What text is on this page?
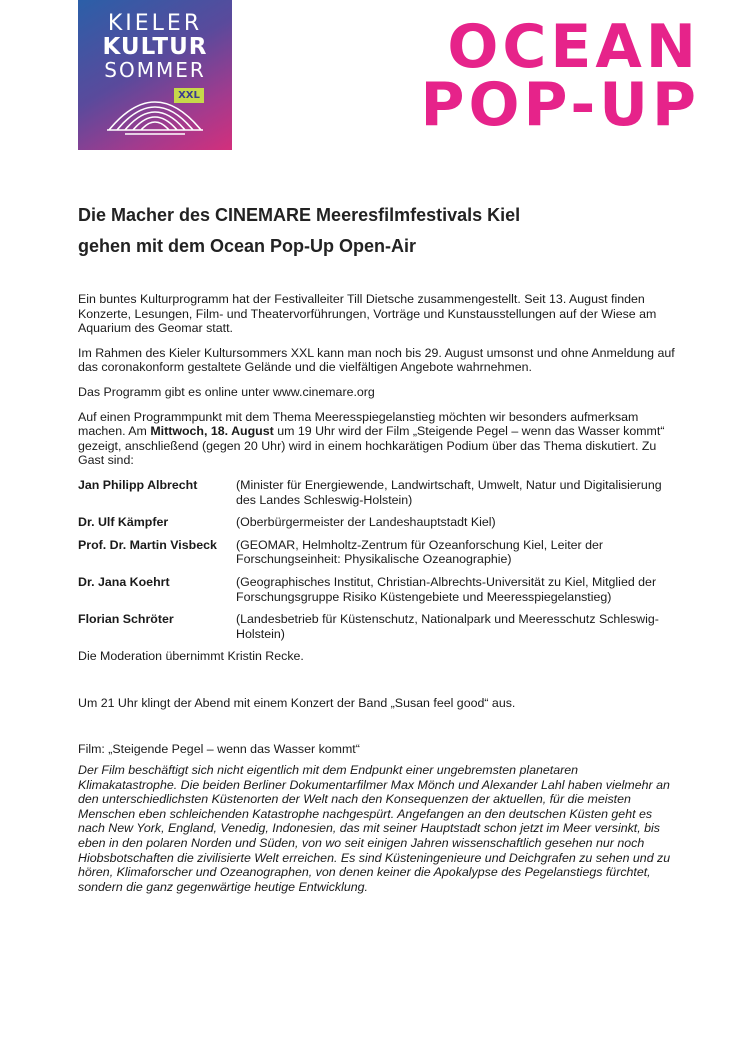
KIELER
KULTUR
SOMMER
XXL
OCEAN
POP-UP
Die Macher des CINEMARE Meeresfilmfestivals Kiel
gehen mit dem Ocean Pop-Up Open-Air

Ein buntes Kulturprogramm hat der Festivalleiter Till Dietsche zusammengestellt. Seit 13. August finden Konzerte, Lesungen, Film- und Theatervorführungen, Vorträge und Kunstausstellungen auf der Wiese am Aquarium des Geomar statt.

Im Rahmen des Kieler Kultursommers XXL kann man noch bis 29. August umsonst und ohne Anmeldung auf das coronakonform gestaltete Gelände und die vielfältigen Angebote wahrnehmen.

Das Programm gibt es online unter www.cinemare.org

Auf einen Programmpunkt mit dem Thema Meeresspiegelanstieg möchten wir besonders aufmerksam machen. Am Mittwoch, 18. August um 19 Uhr wird der Film „Steigende Pegel – wenn das Wasser kommt“ gezeigt, anschließend (gegen 20 Uhr) wird in einem hochkarätigen Podium über das Thema diskutiert. Zu Gast sind:

Jan Philipp Albrecht	(Minister für Energiewende, Landwirtschaft, Umwelt, Natur und Digitalisierung des Landes Schleswig-Holstein)
Dr. Ulf Kämpfer	(Oberbürgermeister der Landeshauptstadt Kiel)
Prof. Dr. Martin Visbeck	(GEOMAR, Helmholtz-Zentrum für Ozeanforschung Kiel, Leiter der Forschungseinheit: Physikalische Ozeanographie)
Dr. Jana Koehrt	(Geographisches Institut, Christian-Albrechts-Universität zu Kiel, Mitglied der Forschungsgruppe Risiko Küstengebiete und Meeresspiegelanstieg)
Florian Schröter	(Landesbetrieb für Küstenschutz, Nationalpark und Meeresschutz Schleswig-Holstein)

Die Moderation übernimmt Kristin Recke.

Um 21 Uhr klingt der Abend mit einem Konzert der Band „Susan feel good“ aus.

Film: „Steigende Pegel – wenn das Wasser kommt“

Der Film beschäftigt sich nicht eigentlich mit dem Endpunkt einer ungebremsten planetaren Klimakatastrophe. Die beiden Berliner Dokumentarfilmer Max Mönch und Alexander Lahl haben vielmehr an den unterschiedlichsten Küstenorten der Welt nach den Konsequenzen der aktuellen, für die meisten Menschen eben schleichenden Katastrophe nachgespürt. Angefangen an den deutschen Küsten geht es nach New York, England, Venedig, Indonesien, das mit seiner Hauptstadt schon jetzt im Meer versinkt, bis eben in den polaren Norden und Süden, von wo seit einigen Jahren wissenschaftlich gesehen nur noch Hiobsbotschaften die zivilisierte Welt erreichen. Es sind Küsteningenieure und Deichgrafen zu sehen und zu hören, Klimaforscher und Ozeanographen, von denen keiner die Apokalypse des Pegelanstiegs fürchtet, sondern die ganz gegenwärtige heutige Entwicklung.
